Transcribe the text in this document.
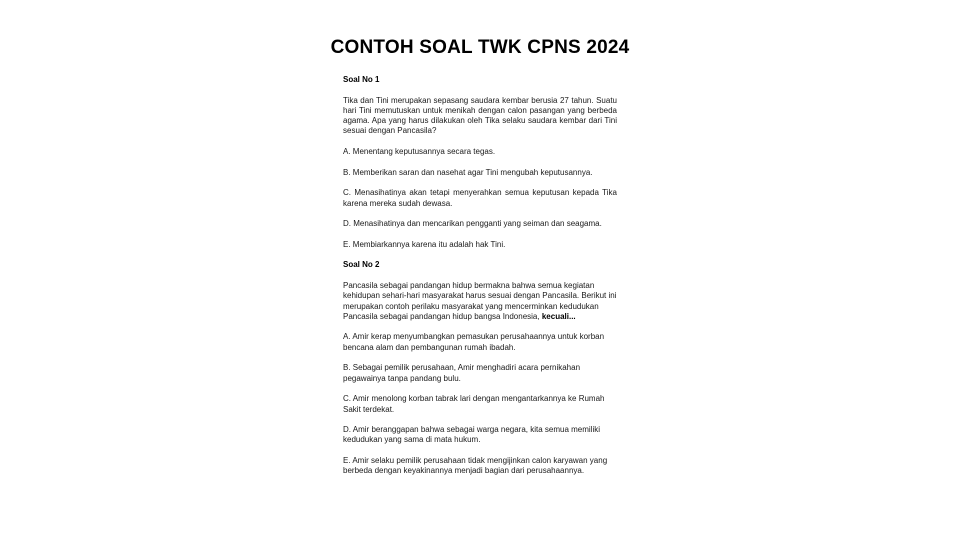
CONTOH SOAL TWK CPNS 2024

Soal No 1

Tika dan Tini merupakan sepasang saudara kembar berusia 27 tahun. Suatu hari Tini memutuskan untuk menikah dengan calon pasangan yang berbeda agama. Apa yang harus dilakukan oleh Tika selaku saudara kembar dari Tini sesuai dengan Pancasila?

A. Menentang keputusannya secara tegas.

B. Memberikan saran dan nasehat agar Tini mengubah keputusannya.

C. Menasihatinya akan tetapi menyerahkan semua keputusan kepada Tika karena mereka sudah dewasa.

D. Menasihatinya dan mencarikan pengganti yang seiman dan seagama.

E. Membiarkannya karena itu adalah hak Tini.

Soal No 2

Pancasila sebagai pandangan hidup bermakna bahwa semua kegiatan kehidupan sehari-hari masyarakat harus sesuai dengan Pancasila. Berikut ini merupakan contoh perilaku masyarakat yang mencerminkan kedudukan Pancasila sebagai pandangan hidup bangsa Indonesia, kecuali...

A. Amir kerap menyumbangkan pemasukan perusahaannya untuk korban bencana alam dan pembangunan rumah ibadah.

B. Sebagai pemilik perusahaan, Amir menghadiri acara pernikahan pegawainya tanpa pandang bulu.

C. Amir menolong korban tabrak lari dengan mengantarkannya ke Rumah Sakit terdekat.

D. Amir beranggapan bahwa sebagai warga negara, kita semua memiliki kedudukan yang sama di mata hukum.

E. Amir selaku pemilik perusahaan tidak mengijinkan calon karyawan yang berbeda dengan keyakinannya menjadi bagian dari perusahaannya.
